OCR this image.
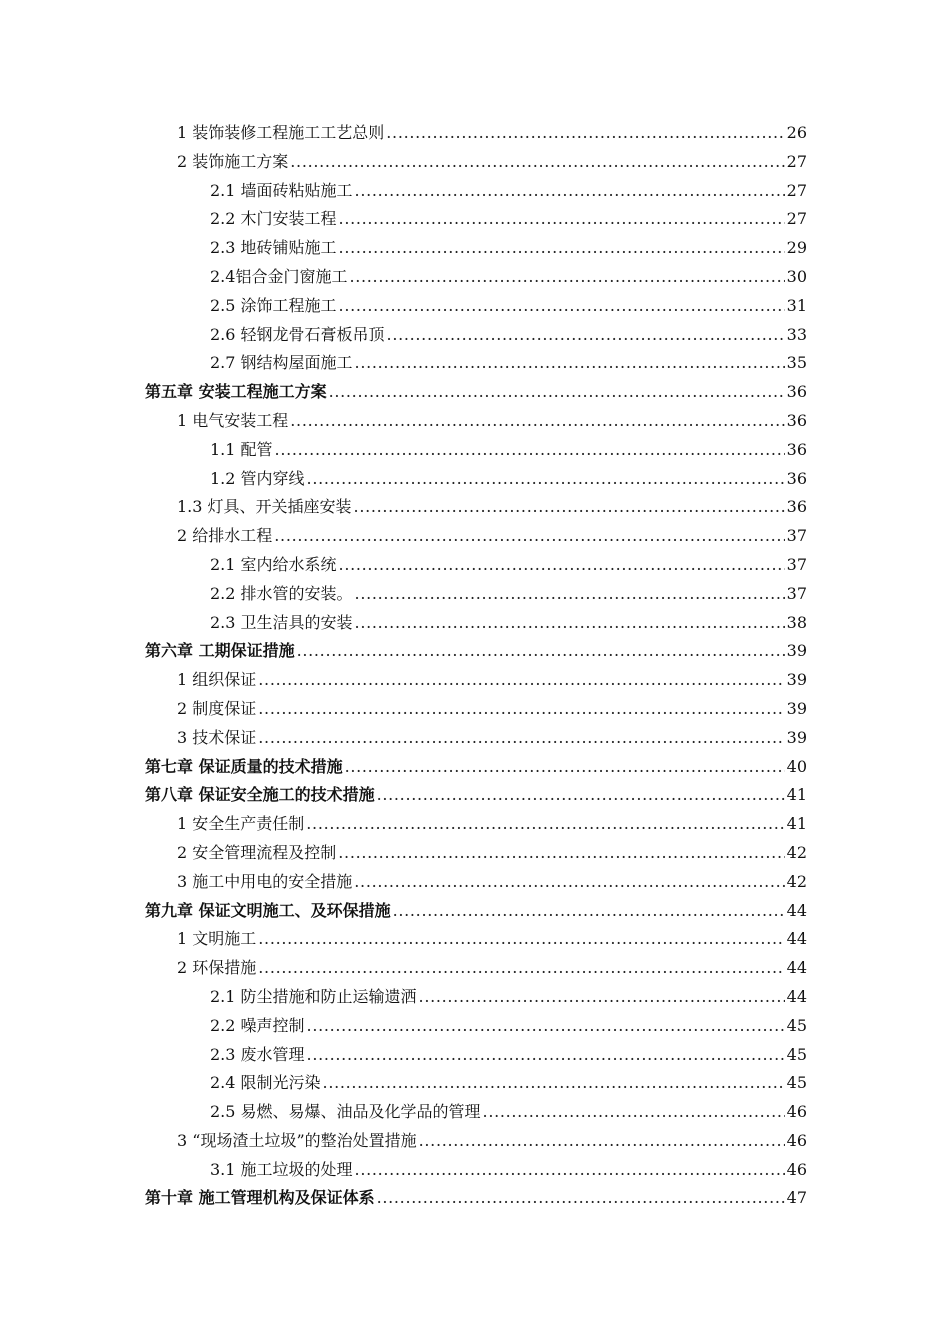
1 装饰装修工程施工工艺总则 . . .	26
2 装饰施工方案 . . .	27
2.1 墙面砖粘贴施工 . . .	27
2.2 木门安装工程 . . .	27
2.3 地砖铺贴施工 . . .	29
2.4铝合金门窗施工 . . .	30
2.5 涂饰工程施工 . . .	31
2.6 轻钢龙骨石膏板吊顶 . . .	33
2.7 钢结构屋面施工 . . .	35
第五章 安装工程施工方案 . . .	36
1 电气安装工程 . . .	36
1.1 配管 . . .	36
1.2 管内穿线 . . .	36
1.3 灯具、开关插座安装 . . .	36
2 给排水工程 . . .	37
2.1 室内给水系统 . . .	37
2.2 排水管的安装。 . . .	37
2.3 卫生洁具的安装 . . .	38
第六章 工期保证措施 . . .	39
1 组织保证 . . .	39
2 制度保证 . . .	39
3 技术保证 . . .	39
第七章 保证质量的技术措施 . . .	40
第八章 保证安全施工的技术措施 . . .	41
1 安全生产责任制 . . .	41
2 安全管理流程及控制 . . .	42
3 施工中用电的安全措施 . . .	42
第九章 保证文明施工、及环保措施 . . .	44
1 文明施工 . . .	44
2 环保措施 . . .	44
2.1 防尘措施和防止运输遗洒 . . .	44
2.2 噪声控制 . . .	45
2.3 废水管理 . . .	45
2.4 限制光污染 . . .	45
2.5 易燃、易爆、油品及化学品的管理 . . .	46
3 “现场渣土垃圾”的整治处置措施 . . .	46
3.1 施工垃圾的处理 . . .	46
第十章 施工管理机构及保证体系 . . .	47
